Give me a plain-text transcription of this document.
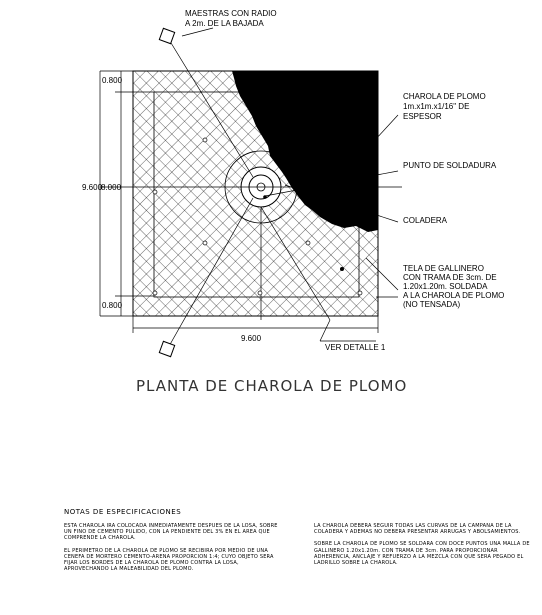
0.800
9.600
8.000
0.800
9.600
MAESTRAS CON RADIO
A 2m. DE LA BAJADA
CHAROLA DE PLOMO
1m.x1m.x1/16" DE
ESPESOR
PUNTO DE SOLDADURA
COLADERA
TELA DE GALLINERO
CON TRAMA DE 3cm. DE
1.20x1.20m. SOLDADA
A LA CHAROLA DE PLOMO
(NO TENSADA)
VER DETALLE 1
PLANTA DE CHAROLA DE PLOMO
NOTAS DE ESPECIFICACIONES

ESTA CHAROLA IRA COLOCADA INMEDIATAMENTE DESPUES DE LA LOSA, SOBRE UN FINO DE CEMENTO PULIDO, CON LA PENDIENTE DEL 3% EN EL AREA QUE COMPRENDE LA CHAROLA.

EL PERIMETRO DE LA CHAROLA DE PLOMO SE RECIBIRA POR MEDIO DE UNA CENEFA DE MORTERO CEMENTO-ARENA PROPORCION 1:4; CUYO OBJETO SERA FIJAR LOS BORDES DE LA CHAROLA DE PLOMO CONTRA LA LOSA, APROVECHANDO LA MALEABILIDAD DEL PLOMO.

LA CHAROLA DEBERA SEGUIR TODAS LAS CURVAS DE LA CAMPANA DE LA COLADERA Y ADEMAS NO DEBERA PRESENTAR ARRUGAS Y ABOLSAMIENTOS.

SOBRE LA CHAROLA DE PLOMO SE SOLDARA CON DOCE PUNTOS UNA MALLA DE GALLINERO 1.20x1.20m. CON TRAMA DE 3cm. PARA PROPORCIONAR ADHERENCIA, ANCLAJE Y REFUERZO A LA MEZCLA CON QUE SERA PEGADO EL LADRILLO SOBRE LA CHAROLA.
